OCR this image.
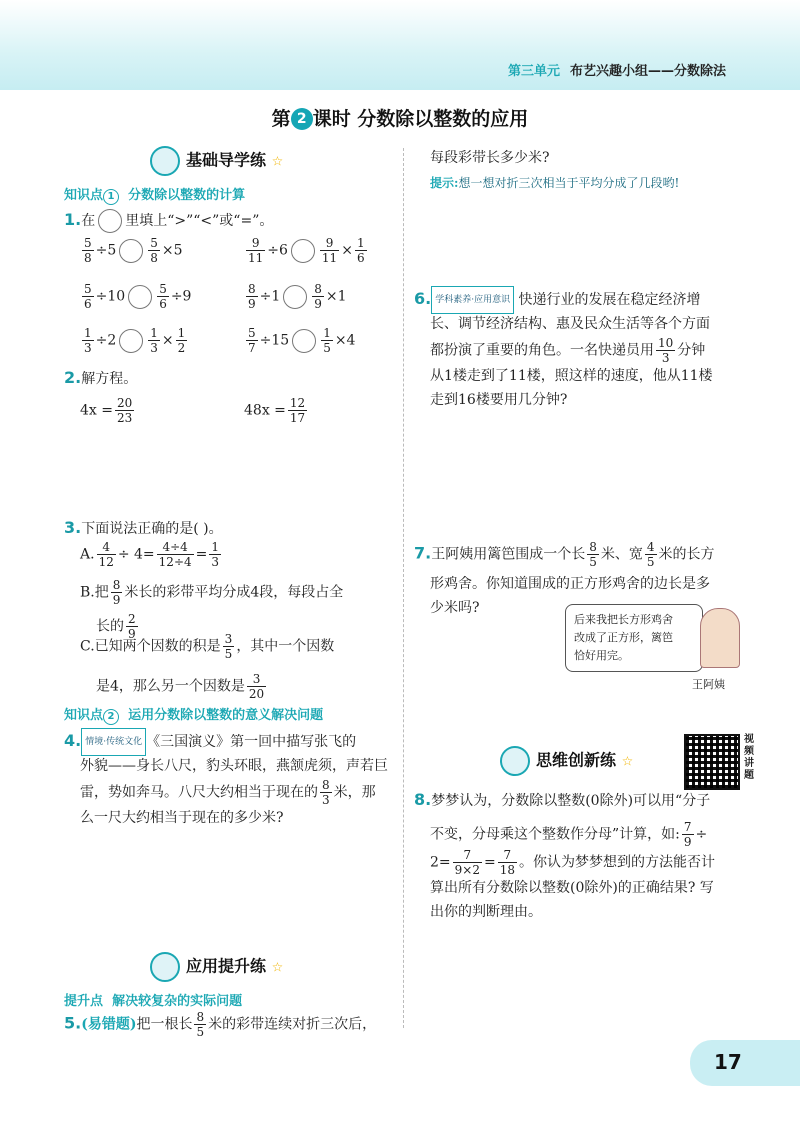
第三单元 布艺兴趣小组——分数除法
第 2 课时 分数除以整数的应用
基础导学练 ☆
知识点 1 分数除以整数的计算
1.在 里填上“>”“<”或“=”。
$\frac{5}{8} \div 5$	$\frac{5}{8} \times 5$	$\frac{9}{11} \div 6$	$\frac{9}{11} \times \frac{1}{6}$
$\frac{5}{6} \div 10$	$\frac{5}{6} \div 9$	$\frac{8}{9} \div 1$	$\frac{8}{9} \times 1$
$\frac{1}{3} \div 2$	$\frac{1}{3} \times \frac{1}{2}$	$\frac{5}{7} \div 15$	$\frac{1}{5} \times 4$
2.解方程。
$4x = \frac{20}{23}$	$48x = \frac{12}{17}$
3.下面说法正确的是( )。
A. $\frac{4}{12} \div 4= \frac{4\div 4}{12\div 4} = \frac{1}{3}$
B.把 $\frac{8}{9}$ 米长的彩带平均分成4段，每段占全
长的 $\frac{2}{9}$
C.已知两个因数的积是 $\frac{3}{5}$ ，其中一个因数
是4，那么另一个因数是 $\frac{3}{20}$
知识点 2 运用分数除以整数的意义解决问题
4. 情境·传统文化 《三国演义》第一回中描写张飞的
外貌——身长八尺，豹头环眼，燕颔虎须，声若巨
雷，势如奔马。八尺大约相当于现在的 $\frac{8}{3}$ 米，那
么一尺大约相当于现在的多少米?
应用提升练 ☆
提升点 解决较复杂的实际问题
5.(易错题)把一根长 $\frac{8}{5}$ 米的彩带连续对折三次后，
每段彩带长多少米?
提示:想一想对折三次相当于平均分成了几段哟!
6. 学科素养·应用意识 快递行业的发展在稳定经济增
长、调节经济结构、惠及民众生活等各个方面
都扮演了重要的角色。一名快递员用 $\frac{10}{3}$ 分钟
从1楼走到了11楼，照这样的速度，他从11楼
走到16楼要用几分钟?
7.王阿姨用篱笆围成一个长 $\frac{8}{5}$ 米、宽 $\frac{4}{5}$ 米的长方
形鸡舍。你知道围成的正方形鸡舍的边长是多
少米吗?
后来我把长方形鸡舍
改成了正方形，篱笆
恰好用完。
王阿姨
思维创新练 ☆
视频讲题
8.梦梦认为，分数除以整数(0除外)可以用“分子
不变，分母乘这个整数作分母”计算，如: $\frac{7}{9}$ ÷
$2= \frac{7}{9\times 2} = \frac{7}{18}$ 。你认为梦梦想到的方法能否计
算出所有分数除以整数(0除外)的正确结果? 写
出你的判断理由。
17
